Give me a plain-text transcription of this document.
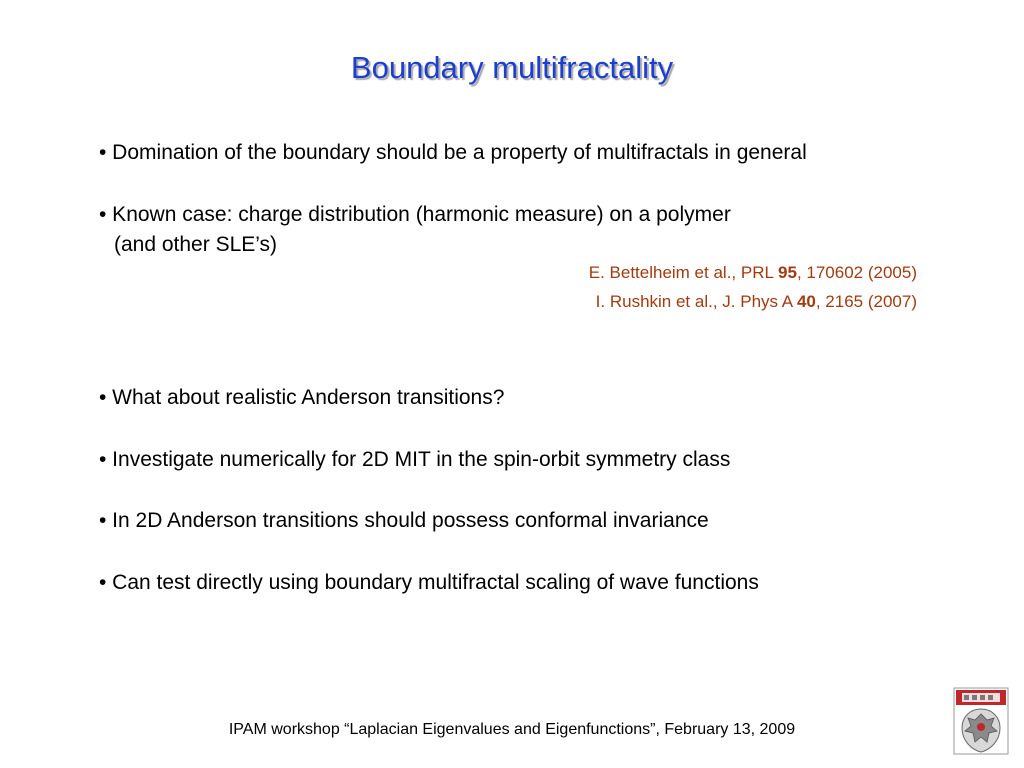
Boundary multifractality
• Domination of the boundary should be a property of multifractals in general
• Known case: charge distribution (harmonic measure) on a polymer
(and other SLE’s)
E. Bettelheim et al., PRL 95, 170602 (2005)
I. Rushkin et al., J. Phys A 40, 2165 (2007)
• What about realistic Anderson transitions?
• Investigate numerically for 2D MIT in the spin-orbit symmetry class
• In 2D Anderson transitions should possess conformal invariance
• Can test directly using boundary multifractal scaling of wave functions
IPAM workshop “Laplacian Eigenvalues and Eigenfunctions”, February 13, 2009
